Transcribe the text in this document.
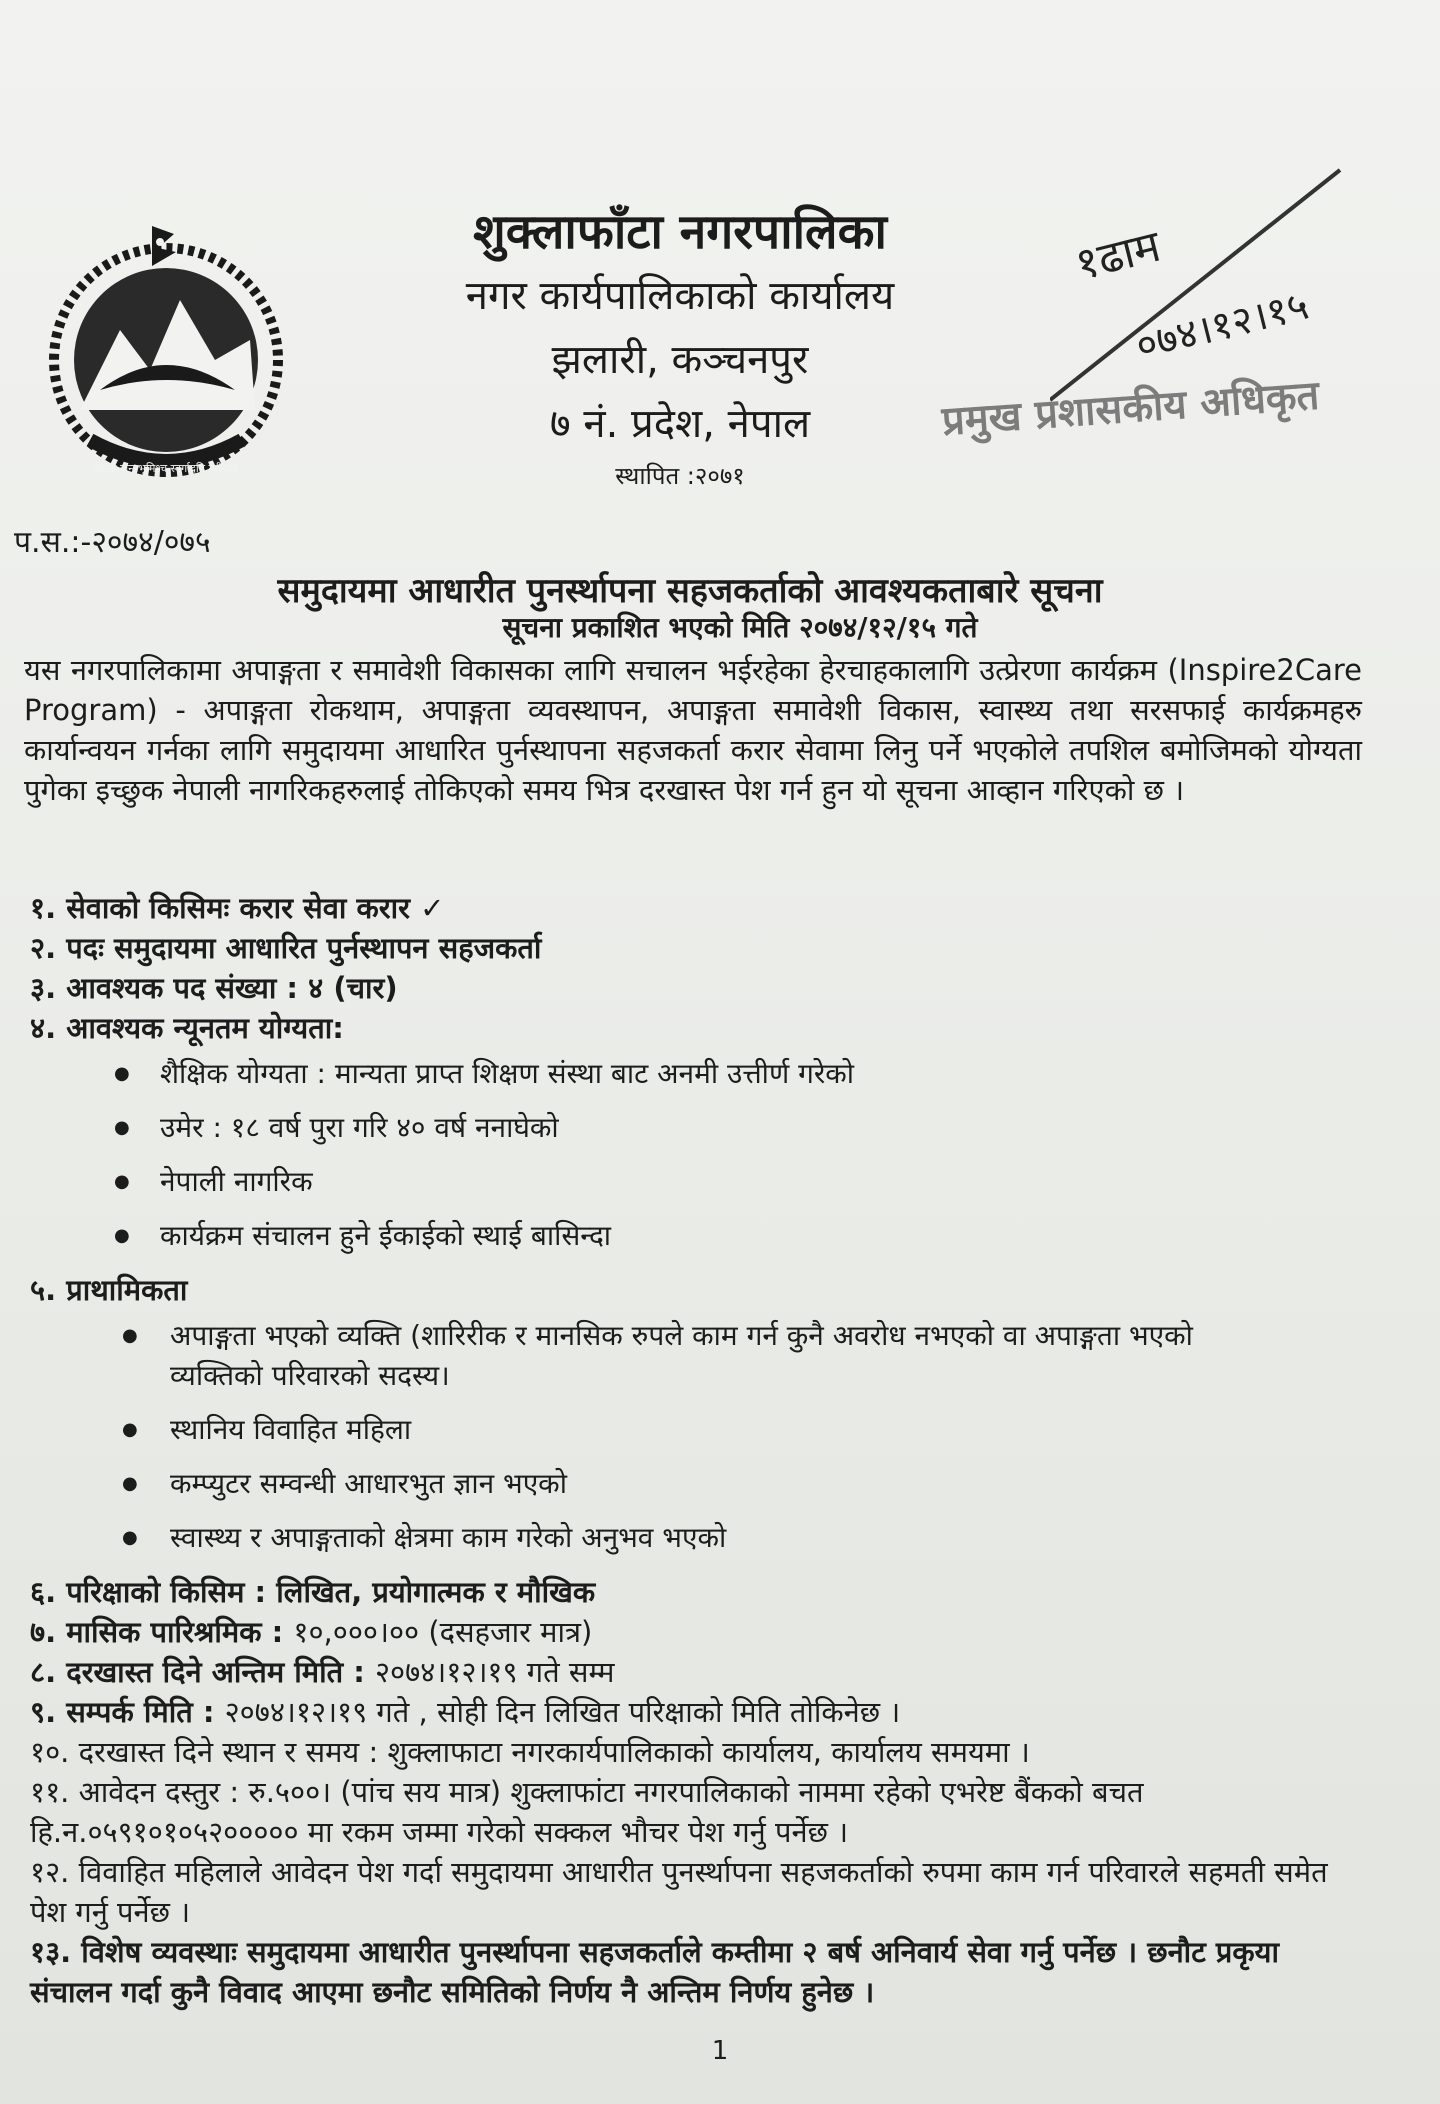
जननी जन्मभूमिश्च स्वर्गादपि गरीयसी
शुक्लाफाँटा नगरपालिका
नगर कार्यपालिकाको कार्यालय
झलारी, कञ्चनपुर
७ नं. प्रदेश, नेपाल
स्थापित :२०७१
१ढाम
०७४।१२।१५
प्रमुख प्रशासकीय अधिकृत
प.स.:-२०७४/०७५
समुदायमा आधारीत पुनर्स्थापना सहजकर्ताको आवश्यकताबारे सूचना
सूचना प्रकाशित भएको मिति २०७४/१२/१५ गते
यस नगरपालिकामा अपाङ्गता र समावेशी विकासका लागि सचालन भईरहेका हेरचाहकालागि उत्प्रेरणा कार्यक्रम (Inspire2Care Program) - अपाङ्गता रोकथाम, अपाङ्गता व्यवस्थापन, अपाङ्गता समावेशी विकास, स्वास्थ्य तथा सरसफाई कार्यक्रमहरु कार्यान्वयन गर्नका लागि समुदायमा आधारित पुर्नस्थापना सहजकर्ता करार सेवामा लिनु पर्ने भएकोले तपशिल बमोजिमको योग्यता पुगेका इच्छुक नेपाली नागरिकहरुलाई तोकिएको समय भित्र दरखास्त पेश गर्न हुन यो सूचना आव्हान गरिएको छ ।
१. सेवाको किसिमः करार सेवा करार ✓
२. पदः समुदायमा आधारित पुर्नस्थापन सहजकर्ता
३. आवश्यक पद संख्या : ४ (चार)
४. आवश्यक न्यूनतम योग्यता:
● शैक्षिक योग्यता : मान्यता प्राप्त शिक्षण संस्था बाट अनमी उत्तीर्ण गरेको
● उमेर : १८ वर्ष पुरा गरि ४० वर्ष ननाघेको
● नेपाली नागरिक
● कार्यक्रम संचालन हुने ईकाईको स्थाई बासिन्दा
५. प्राथामिकता
● अपाङ्गता भएको व्यक्ति (शारिरीक र मानसिक रुपले काम गर्न कुनै अवरोध नभएको वा अपाङ्गता भएको व्यक्तिको परिवारको सदस्य।
● स्थानिय विवाहित महिला
● कम्प्युटर सम्वन्धी आधारभुत ज्ञान भएको
● स्वास्थ्य र अपाङ्गताको क्षेत्रमा काम गरेको अनुभव भएको
६. परिक्षाको किसिम : लिखित, प्रयोगात्मक र मौखिक
७. मासिक पारिश्रमिक : १०,०००।०० (दसहजार मात्र)
८. दरखास्त दिने अन्तिम मिति : २०७४।१२।१९ गते सम्म
९. सम्पर्क मिति : २०७४।१२।१९ गते , सोही दिन लिखित परिक्षाको मिति तोकिनेछ ।
१०. दरखास्त दिने स्थान र समय : शुक्लाफाटा नगरकार्यपालिकाको कार्यालय, कार्यालय समयमा ।
११. आवेदन दस्तुर : रु.५००। (पांच सय मात्र) शुक्लाफांटा नगरपालिकाको नाममा रहेको एभरेष्ट बैंकको बचत हि.न.०५९१०१०५२००००० मा रकम जम्मा गरेको सक्कल भौचर पेश गर्नु पर्नेछ ।
१२. विवाहित महिलाले आवेदन पेश गर्दा समुदायमा आधारीत पुनर्स्थापना सहजकर्ताको रुपमा काम गर्न परिवारले सहमती समेत पेश गर्नु पर्नेछ ।
१३. विशेष व्यवस्थाः समुदायमा आधारीत पुनर्स्थापना सहजकर्ताले कम्तीमा २ बर्ष अनिवार्य सेवा गर्नु पर्नेछ । छनौट प्रकृया संचालन गर्दा कुनै विवाद आएमा छनौट समितिको निर्णय नै अन्तिम निर्णय हुनेछ ।
1
